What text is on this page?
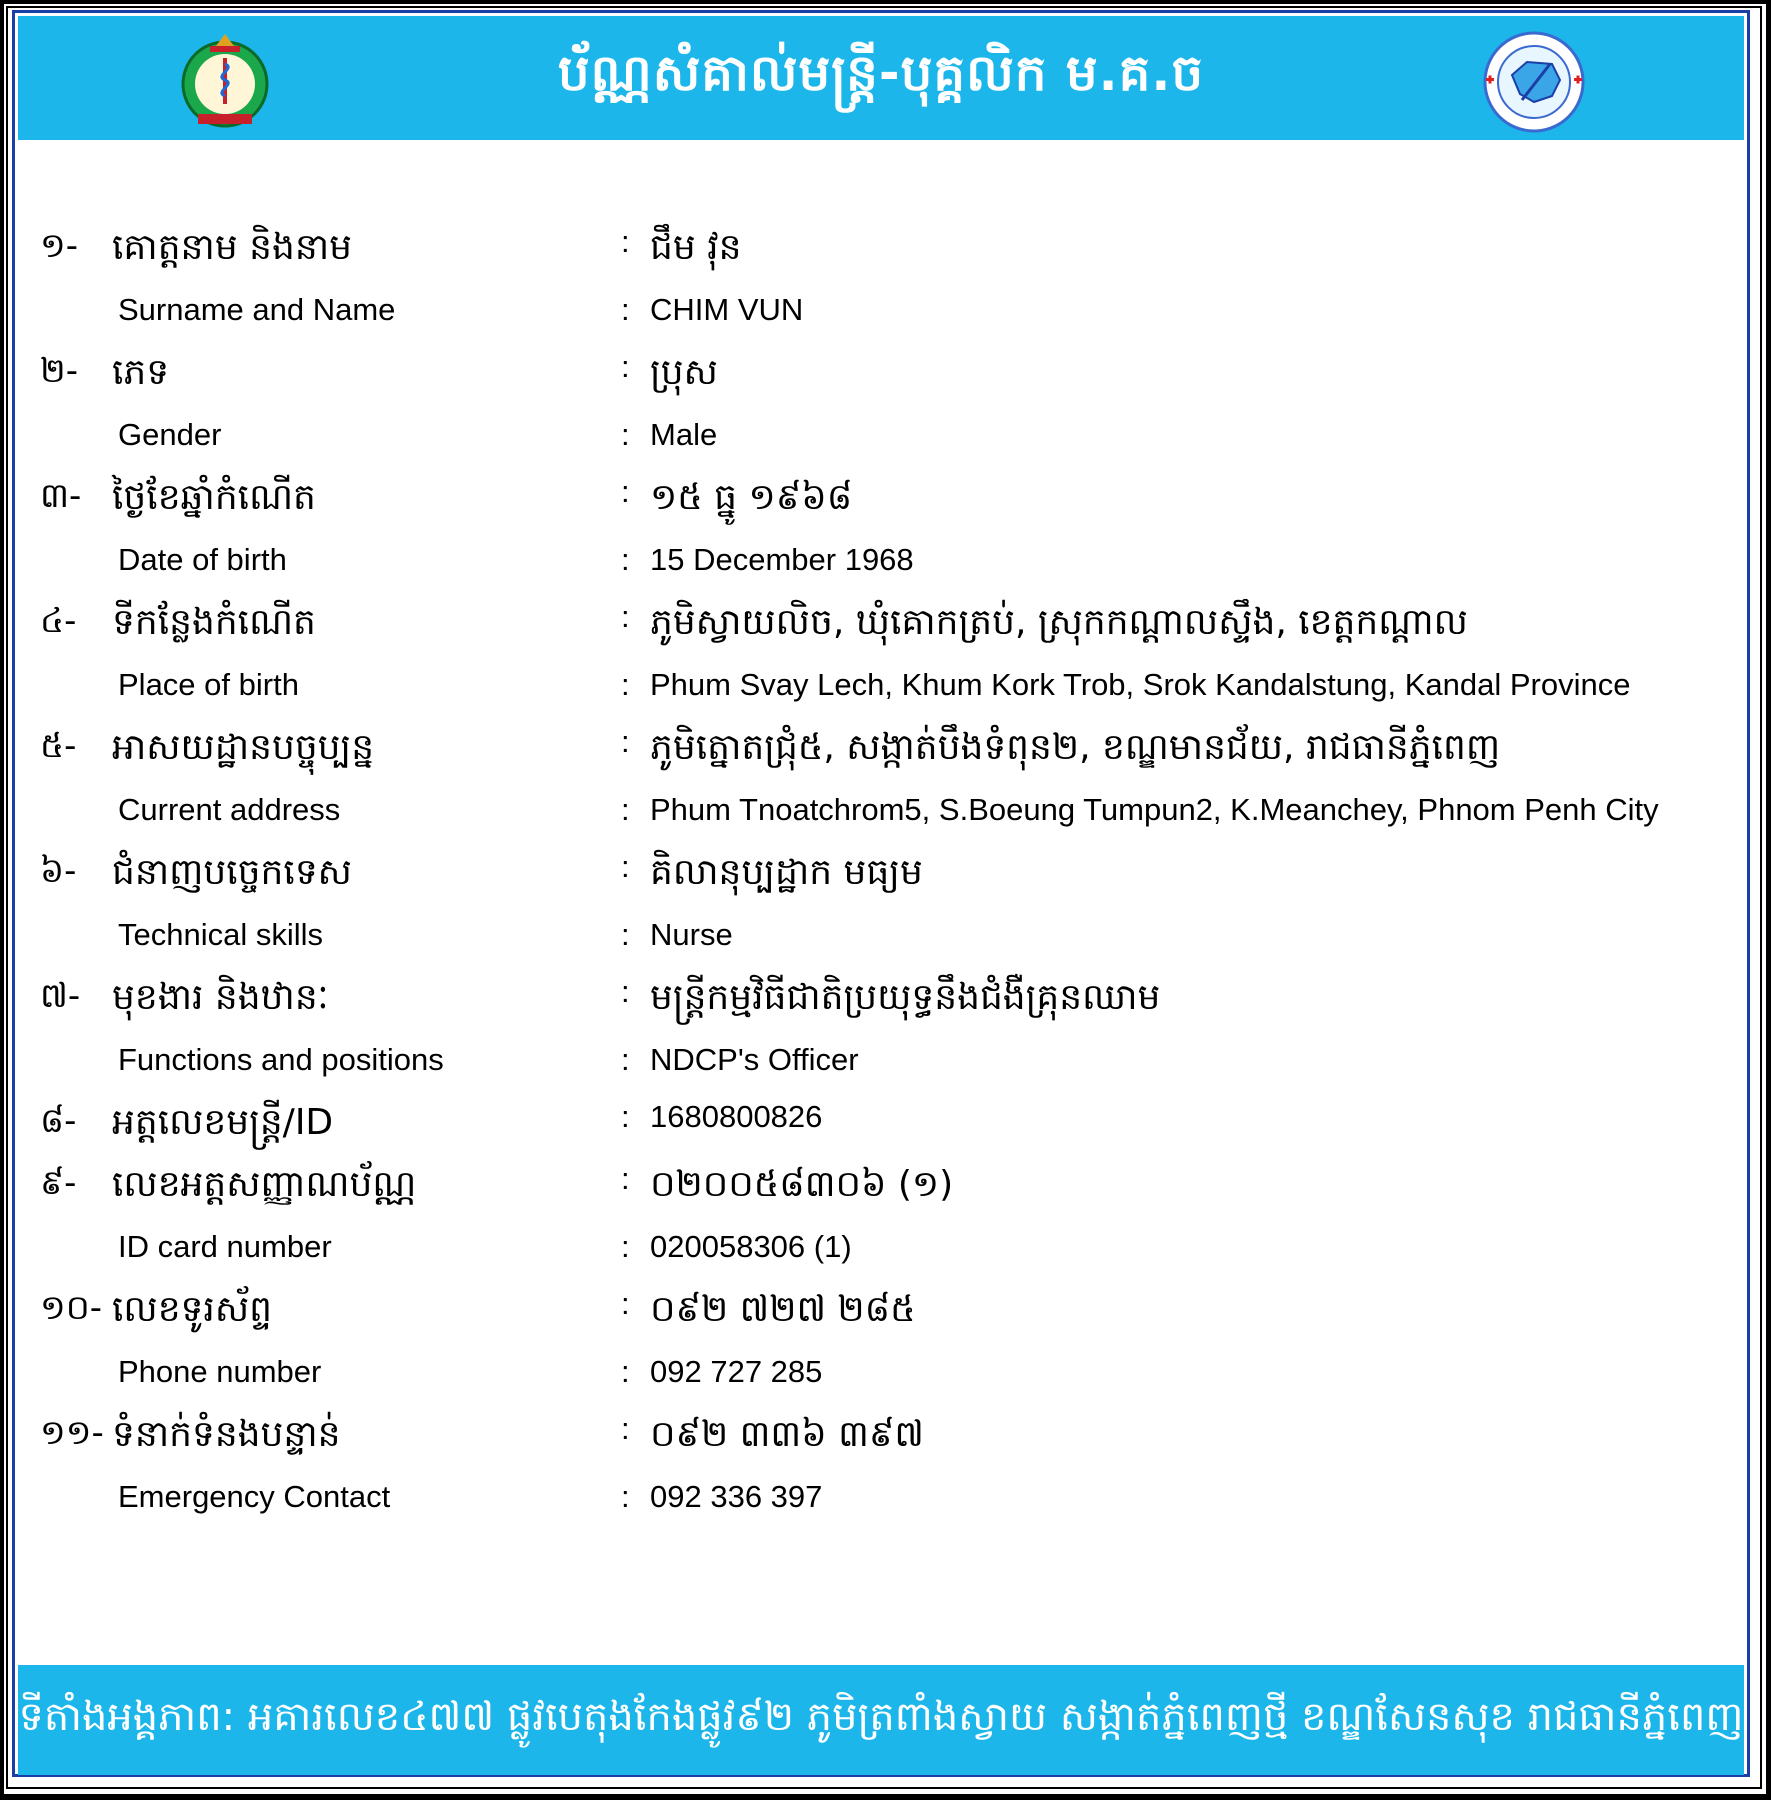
ប័ណ្ណសំគាល់មន្ត្រី-បុគ្គលិក ម.គ.ច
១- គោត្តនាម និងនាម	: ជឹម វុន
Surname and Name	: CHIM VUN
២- ភេទ	: ប្រុស
Gender	: Male
៣- ថ្ងៃខែឆ្នាំកំណើត	: ១៥ ធ្នូ ១៩៦៨
Date of birth	: 15 December 1968
៤- ទីកន្លែងកំណើត	: ភូមិស្វាយលិច, ឃុំគោកត្រប់, ស្រុកកណ្តាលស្ទឹង, ខេត្តកណ្តាល
Place of birth	: Phum Svay Lech, Khum Kork Trob, Srok Kandalstung, Kandal Province
៥- អាសយដ្ឋានបច្ចុប្បន្ន	: ភូមិត្នោតជ្រុំ៥, សង្កាត់បឹងទំពុន២, ខណ្ឌមានជ័យ, រាជធានីភ្នំពេញ
Current address	: Phum Tnoatchrom5, S.Boeung Tumpun2, K.Meanchey, Phnom Penh City
៦- ជំនាញបច្ចេកទេស	: គិលានុប្បដ្ឋាក មធ្យម
Technical skills	: Nurse
៧- មុខងារ និងឋានៈ	: មន្ត្រីកម្មវិធីជាតិប្រយុទ្ធនឹងជំងឺគ្រុនឈាម
Functions and positions	: NDCP's Officer
៨- អត្តលេខមន្ត្រី/ID	: 1680800826
៩- លេខអត្តសញ្ញាណប័ណ្ណ	: ០២០០៥៨៣០៦ (១)
ID card number	: 020058306 (1)
១០- លេខទូរស័ព្ទ	: ០៩២ ៧២៧ ២៨៥
Phone number	: 092 727 285
១១- ទំនាក់ទំនងបន្ទាន់	: ០៩២ ៣៣៦ ៣៩៧
Emergency Contact	: 092 336 397
ទីតាំងអង្គភាព: អគារលេខ៤៧៧ ផ្លូវបេតុងកែងផ្លូវ៩២ ភូមិត្រពាំងស្វាយ សង្កាត់ភ្នំពេញថ្មី ខណ្ឌសែនសុខ រាជធានីភ្នំពេញ
